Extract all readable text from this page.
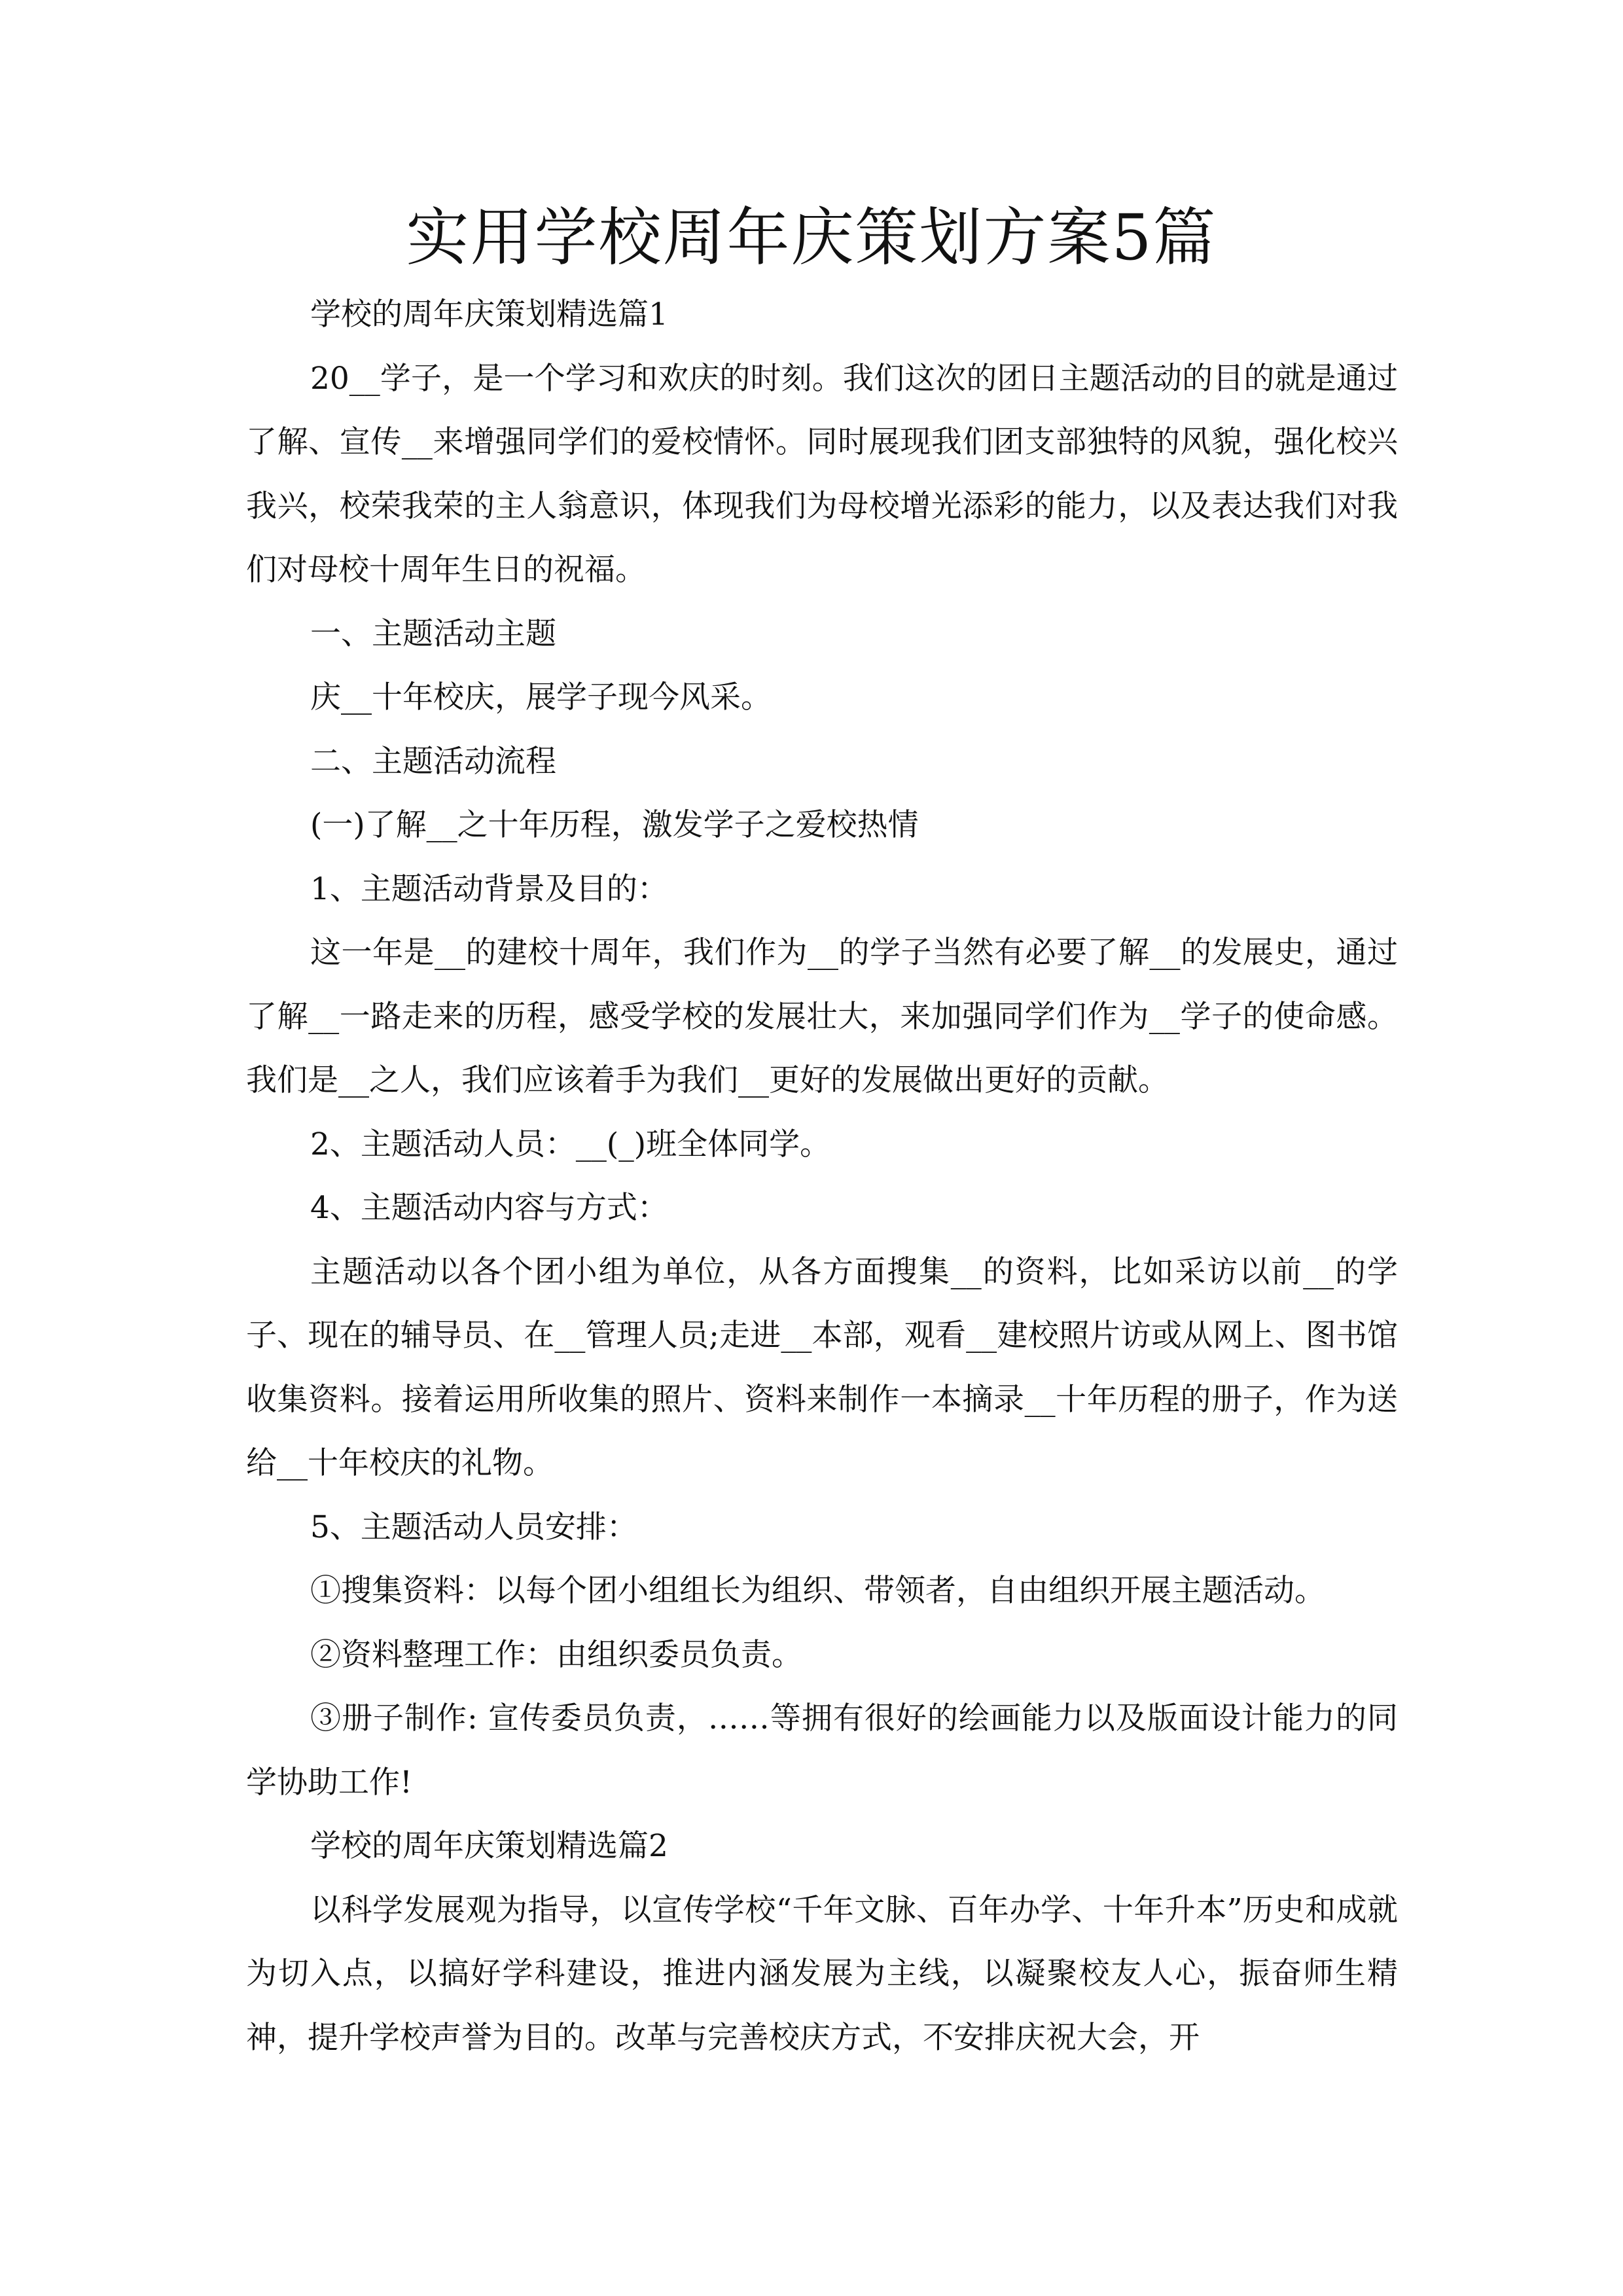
实用学校周年庆策划方案5篇

学校的周年庆策划精选篇1

20__学子，是一个学习和欢庆的时刻。我们这次的团日主题活动的目的就是通过了解、宣传__来增强同学们的爱校情怀。同时展现我们团支部独特的风貌，强化校兴我兴，校荣我荣的主人翁意识，体现我们为母校增光添彩的能力，以及表达我们对我们对母校十周年生日的祝福。

一、主题活动主题

庆__十年校庆，展学子现今风采。

二、主题活动流程

(一)了解__之十年历程，激发学子之爱校热情

1、主题活动背景及目的：

这一年是__的建校十周年，我们作为__的学子当然有必要了解__的发展史，通过了解__一路走来的历程，感受学校的发展壮大，来加强同学们作为__学子的使命感。我们是__之人，我们应该着手为我们__更好的发展做出更好的贡献。

2、主题活动人员：__(_)班全体同学。

4、主题活动内容与方式：

主题活动以各个团小组为单位，从各方面搜集__的资料，比如采访以前__的学子、现在的辅导员、在__管理人员;走进__本部，观看__建校照片访或从网上、图书馆收集资料。接着运用所收集的照片、资料来制作一本摘录__十年历程的册子，作为送给__十年校庆的礼物。

5、主题活动人员安排：

①搜集资料：以每个团小组组长为组织、带领者，自由组织开展主题活动。

②资料整理工作：由组织委员负责。

③册子制作: 宣传委员负责，……等拥有很好的绘画能力以及版面设计能力的同学协助工作!

学校的周年庆策划精选篇2

以科学发展观为指导，以宣传学校“千年文脉、百年办学、十年升本”历史和成就为切入点，以搞好学科建设，推进内涵发展为主线，以凝聚校友人心，振奋师生精神，提升学校声誉为目的。改革与完善校庆方式，不安排庆祝大会，开
